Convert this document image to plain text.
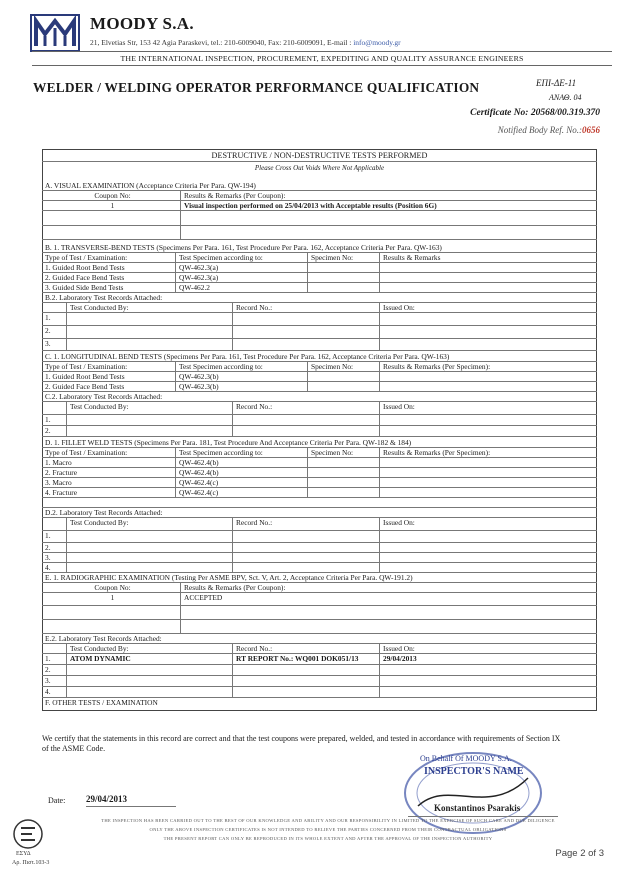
MOODY S.A.
21, Elvetias Str, 153 42 Agia Paraskevi, tel.: 210-6009040, Fax: 210-6009091, E-mail : info@moody.gr
THE INTERNATIONAL INSPECTION, PROCUREMENT, EXPEDITING AND QUALITY ASSURANCE ENGINEERS
WELDER / WELDING OPERATOR PERFORMANCE QUALIFICATION	ΕΠΙ-ΔΕ-11
ΑΝΑΘ. 04
Certificate No: 20568/00.319.370
Notified Body Ref. No.:0656
DESTRUCTIVE / NON-DESTRUCTIVE TESTS PERFORMED
Please Cross Out Voids Where Not Applicable
A. VISUAL EXAMINATION (Acceptance Criteria Per Para. QW-194)
Coupon No:	Results & Remarks (Per Coupon):
1	Visual inspection performed on 25/04/2013 with Acceptable results (Position 6G)
B. 1. TRANSVERSE-BEND TESTS (Specimens Per Para. 161, Test Procedure Per Para. 162, Acceptance Criteria Per Para. QW-163)
Type of Test / Examination:	Test Specimen according to:	Specimen No:	Results & Remarks
1. Guided Root Bend Tests	QW-462.3(a)
2. Guided Face Bend Tests	QW-462.3(a)
3. Guided Side Bend Tests	QW-462.2
B.2. Laboratory Test Records Attached:
Test Conducted By:	Record No.:	Issued On:
1.
2.
3.
C. 1. LONGITUDINAL BEND TESTS (Specimens Per Para. 161, Test Procedure Per Para. 162, Acceptance Criteria Per Para. QW-163)
Type of Test / Examination:	Test Specimen according to:	Specimen No:	Results & Remarks (Per Specimen):
1. Guided Root Bend Tests	QW-462.3(b)
2. Guided Face Bend Tests	QW-462.3(b)
C.2. Laboratory Test Records Attached:
Test Conducted By:	Record No.:	Issued On:
1.
2.
D. 1. FILLET WELD TESTS (Specimens Per Para. 181, Test Procedure And Acceptance Criteria Per Para. QW-182 & 184)
Type of Test / Examination:	Test Specimen according to:	Specimen No:	Results & Remarks (Per Specimen):
1. Macro	QW-462.4(b)
2. Fracture	QW-462.4(b)
3. Macro	QW-462.4(c)
4. Fracture	QW-462.4(c)
D.2. Laboratory Test Records Attached:
Test Conducted By:	Record No.:	Issued On:
1.
2.
3.
4.
E. 1. RADIOGRAPHIC EXAMINATION (Testing Per ASME BPV, Sct. V, Art. 2, Acceptance Criteria Per Para. QW-191.2)
Coupon No:	Results & Remarks (Per Coupon):
1	ACCEPTED
E.2. Laboratory Test Records Attached:
Test Conducted By:	Record No.:	Issued On:
1.	ATOM DYNAMIC	RT REPORT No.: WQ001 DOK051/13	29/04/2013
2.
3.
4.
F. OTHER TESTS / EXAMINATION
We certify that the statements in this record are correct and that the test coupons were prepared, welded, and tested in accordance with requirements of Section IX of the ASME Code.
Date: 29/04/2013
On Behalf Of MOODY S.A.
INSPECTOR'S NAME
Konstantinos Psarakis
ΕΣΥΔ
Αρ. Πιστ.103-3
THE INSPECTION HAS BEEN CARRIED OUT TO THE BEST OF OUR KNOWLEDGE AND ABILITY AND OUR RESPONSIBILITY IN LIMITED TO THE EXERCISE OF SUCH CARE AND DUE DILIGENCE
ONLY THE ABOVE INSPECTION CERTIFICATES IS NOT INTENDED TO RELIEVE THE PARTIES CONCERNED FROM THEIR CONTRACTUAL OBLIGATIONS
THE PRESENT REPORT CAN ONLY BE REPRODUCED IN ITS WHOLE EXTENT AND AFTER THE APPROVAL OF THE INSPECTION AUTHORITY
Page 2 of 3
